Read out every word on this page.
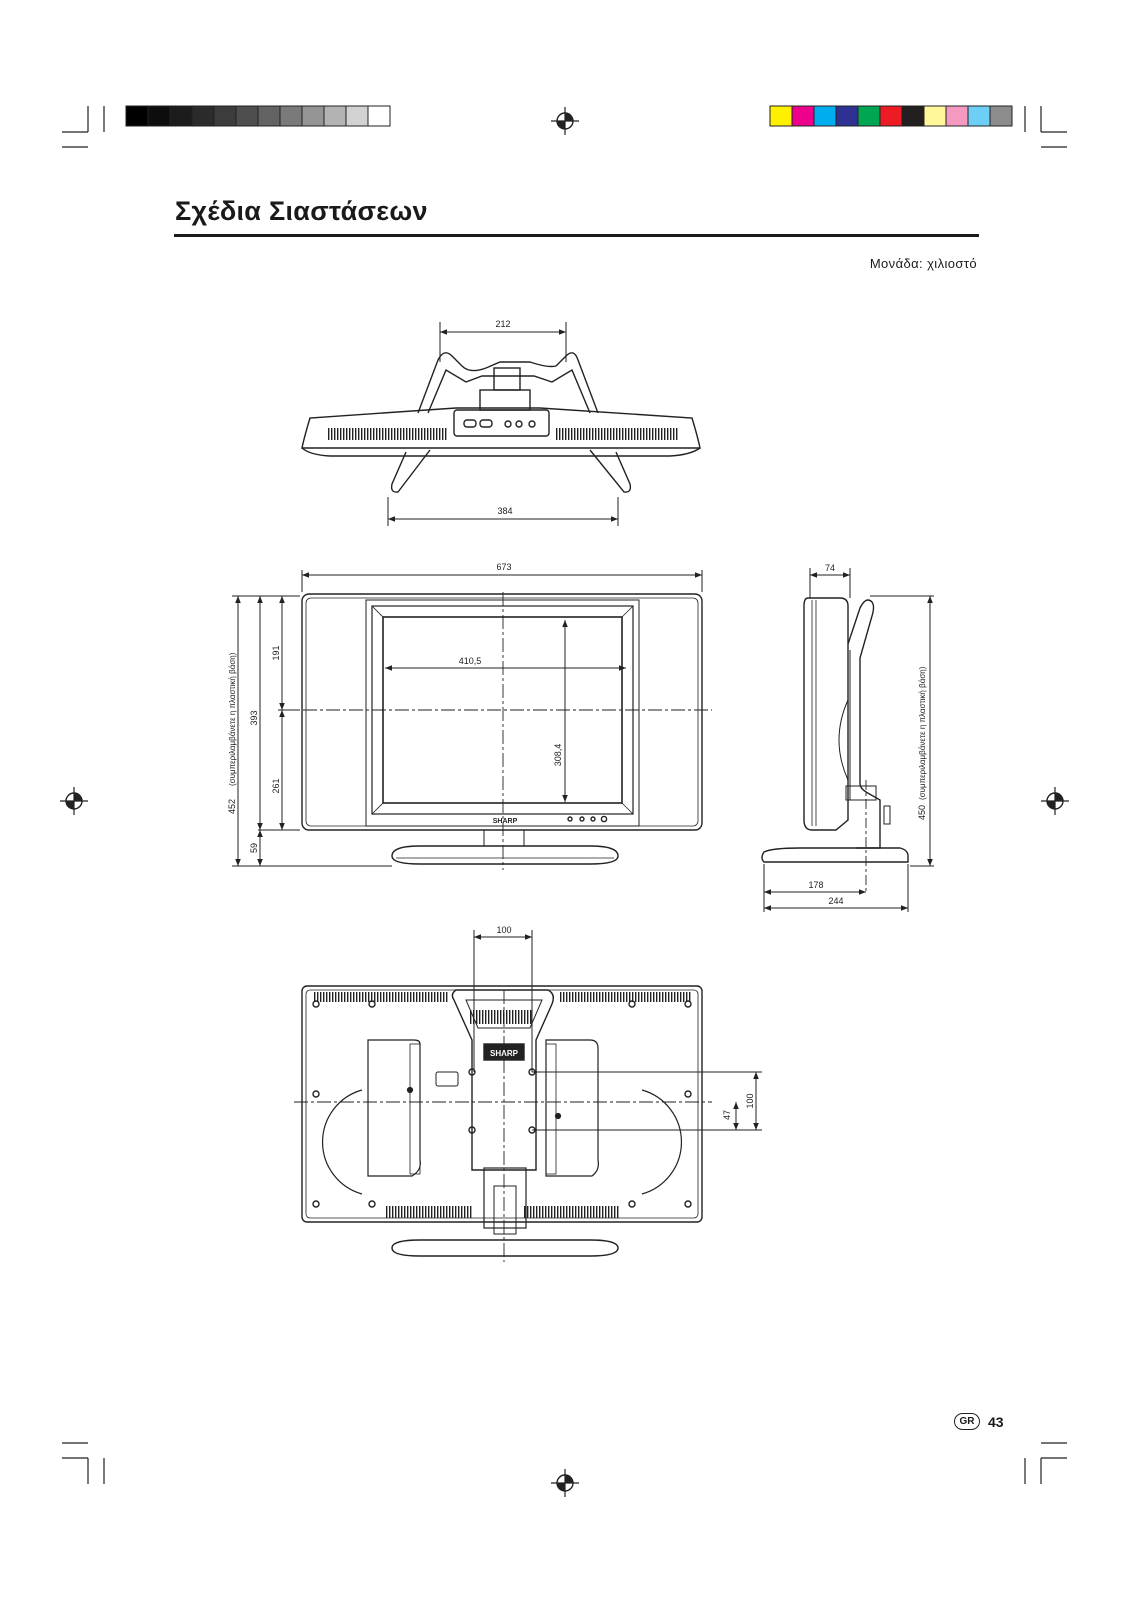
Σχέδια Σιαστάσεων
Μονάδα: χιλιοστό
212
384
SHARP
673
410,5
308,4
452
(συμπεριλαμβάνετε η πλαστική βάση) 393
191
261
59
74
450
(συμπεριλαμβάνετε η πλαστική βάση)
178
244
SHARP
100
100
47
GR 43
